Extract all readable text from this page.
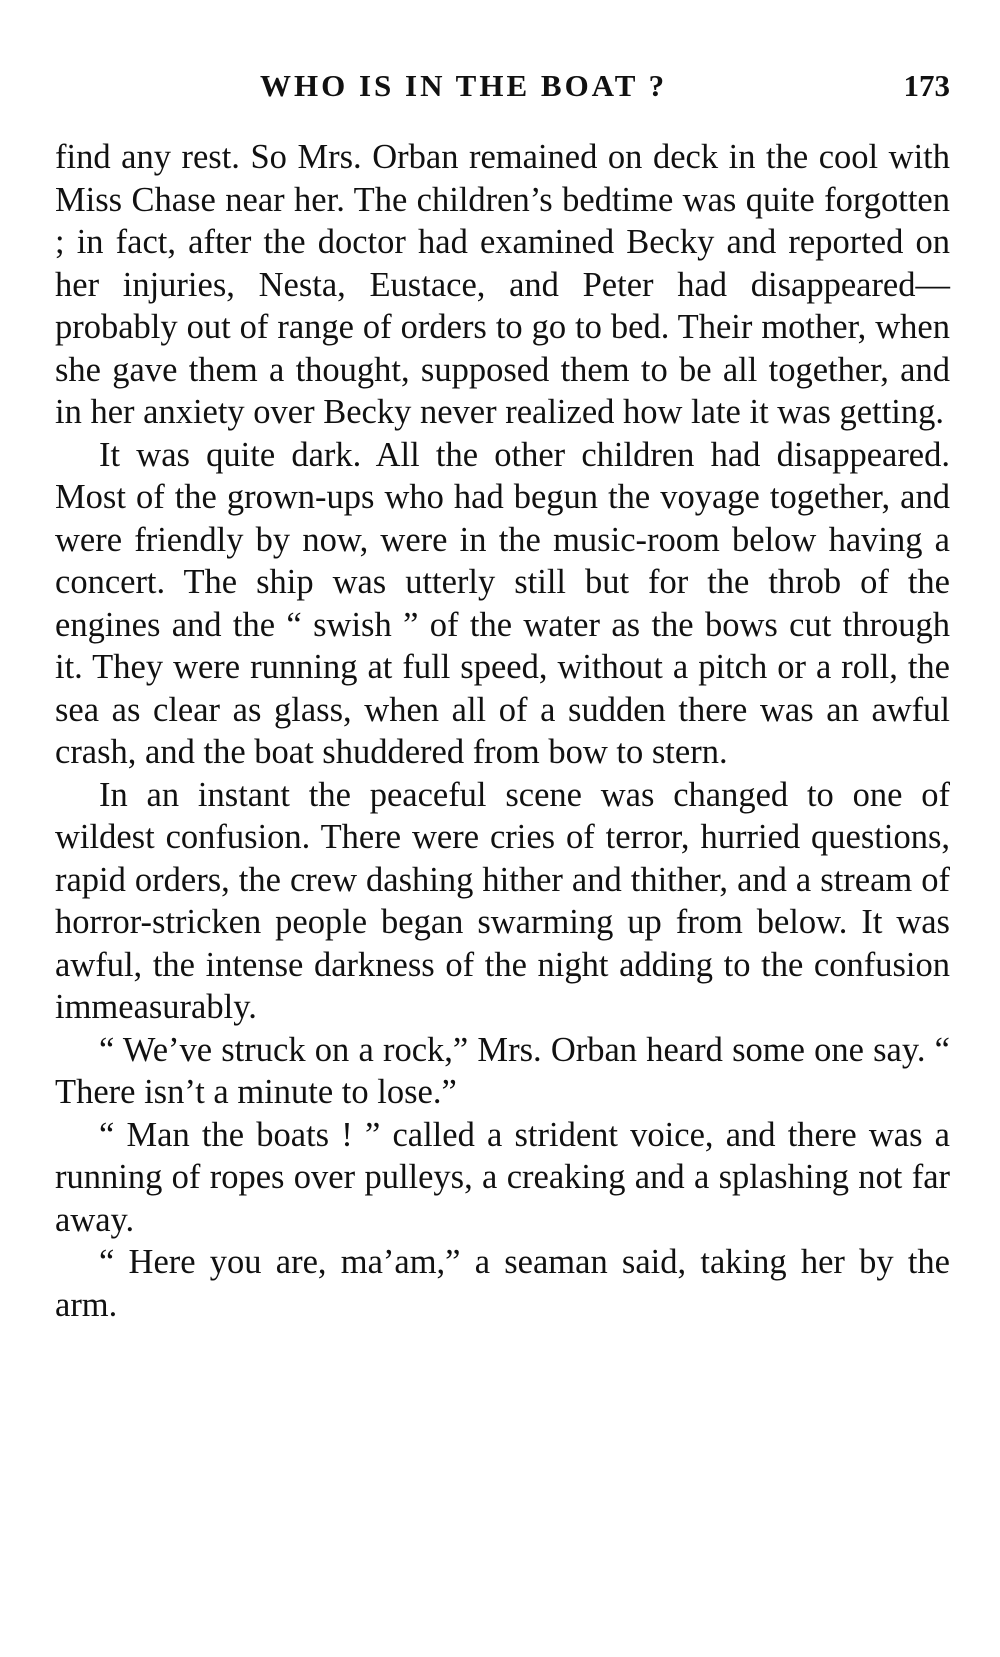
WHO IS IN THE BOAT ?	173

find any rest. So Mrs. Orban remained on deck in the cool with Miss Chase near her. The children’s bedtime was quite forgotten ; in fact, after the doctor had examined Becky and reported on her injuries, Nesta, Eustace, and Peter had disappeared— probably out of range of orders to go to bed. Their mother, when she gave them a thought, supposed them to be all together, and in her anxiety over Becky never realized how late it was getting.

It was quite dark. All the other children had disappeared. Most of the grown-ups who had begun the voyage together, and were friendly by now, were in the music-room below having a concert. The ship was utterly still but for the throb of the engines and the “ swish ” of the water as the bows cut through it. They were running at full speed, without a pitch or a roll, the sea as clear as glass, when all of a sudden there was an awful crash, and the boat shuddered from bow to stern.

In an instant the peaceful scene was changed to one of wildest confusion. There were cries of terror, hurried questions, rapid orders, the crew dashing hither and thither, and a stream of horror-stricken people began swarming up from below. It was awful, the intense darkness of the night adding to the confusion immeasurably.

“ We’ve struck on a rock,” Mrs. Orban heard some one say. “ There isn’t a minute to lose.”

“ Man the boats ! ” called a strident voice, and there was a running of ropes over pulleys, a creaking and a splashing not far away.

“ Here you are, ma’am,” a seaman said, taking her by the arm.
